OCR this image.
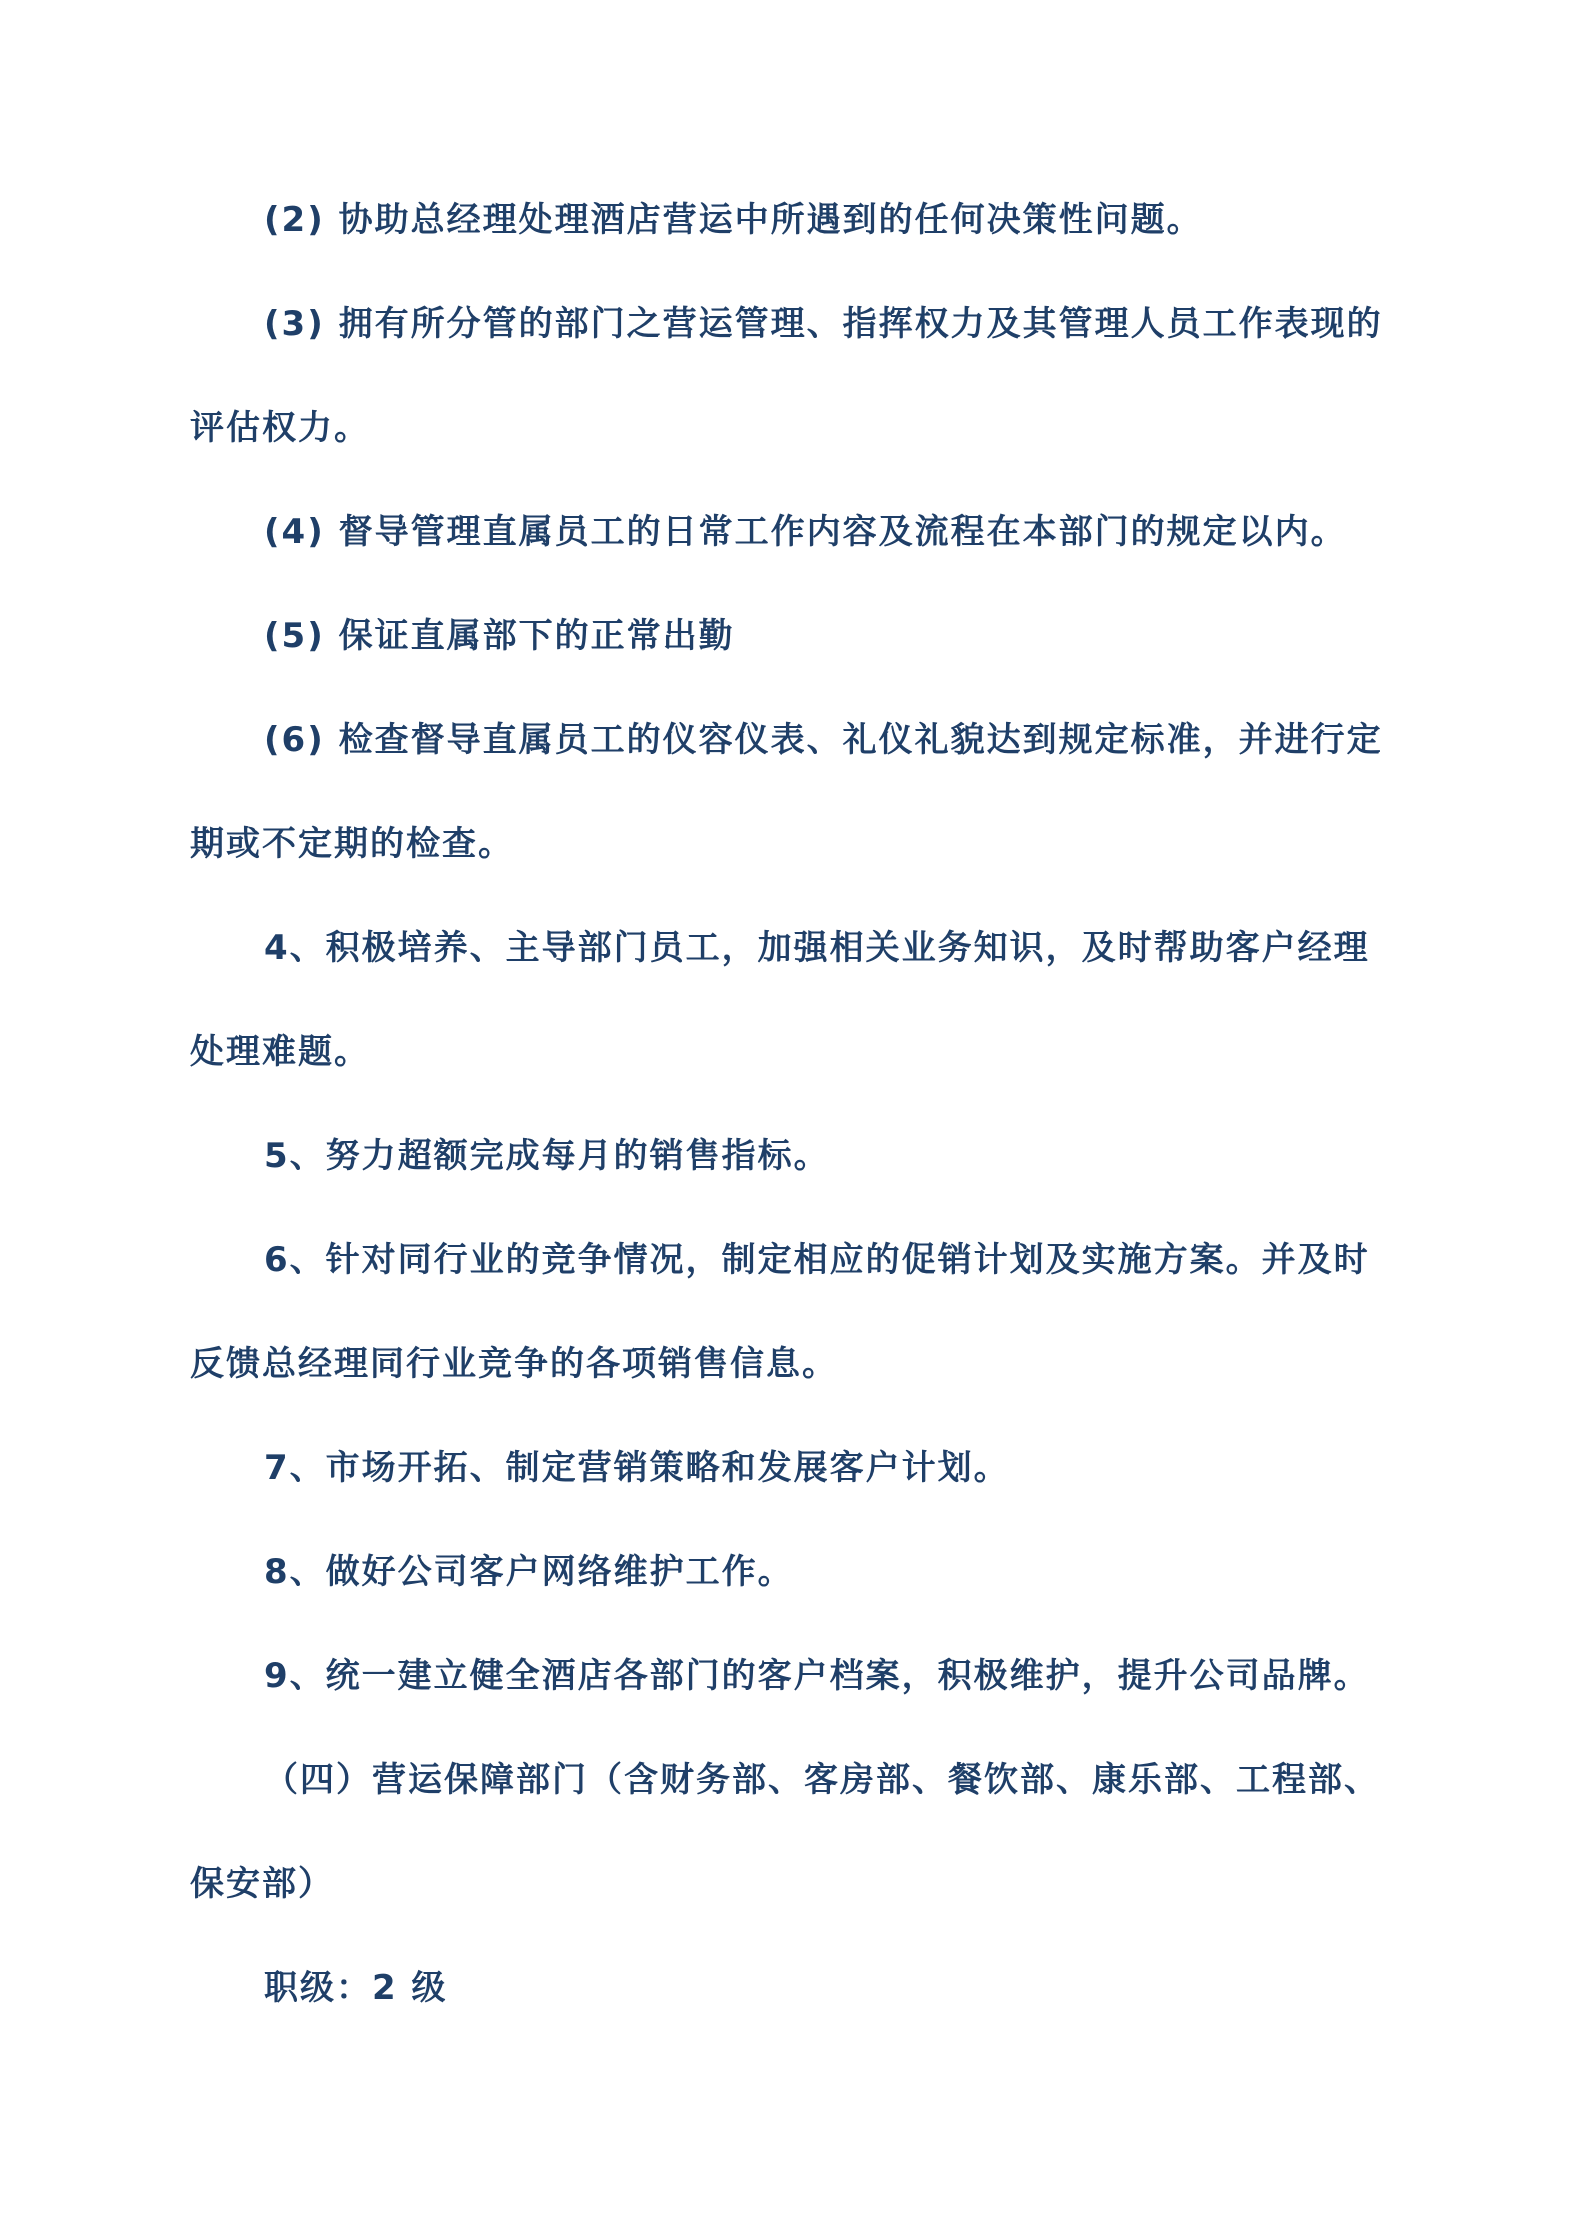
(2) 协助总经理处理酒店营运中所遇到的任何决策性问题。

(3) 拥有所分管的部门之营运管理、指挥权力及其管理人员工作表现的评估权力。

(4) 督导管理直属员工的日常工作内容及流程在本部门的规定以内。

(5) 保证直属部下的正常出勤

(6) 检查督导直属员工的仪容仪表、礼仪礼貌达到规定标准，并进行定期或不定期的检查。

4、积极培养、主导部门员工，加强相关业务知识，及时帮助客户经理处理难题。

5、努力超额完成每月的销售指标。

6、针对同行业的竞争情况，制定相应的促销计划及实施方案。并及时反馈总经理同行业竞争的各项销售信息。

7、市场开拓、制定营销策略和发展客户计划。

8、做好公司客户网络维护工作。

9、统一建立健全酒店各部门的客户档案，积极维护，提升公司品牌。

（四）营运保障部门（含财务部、客房部、餐饮部、康乐部、工程部、保安部）

职级：2 级
